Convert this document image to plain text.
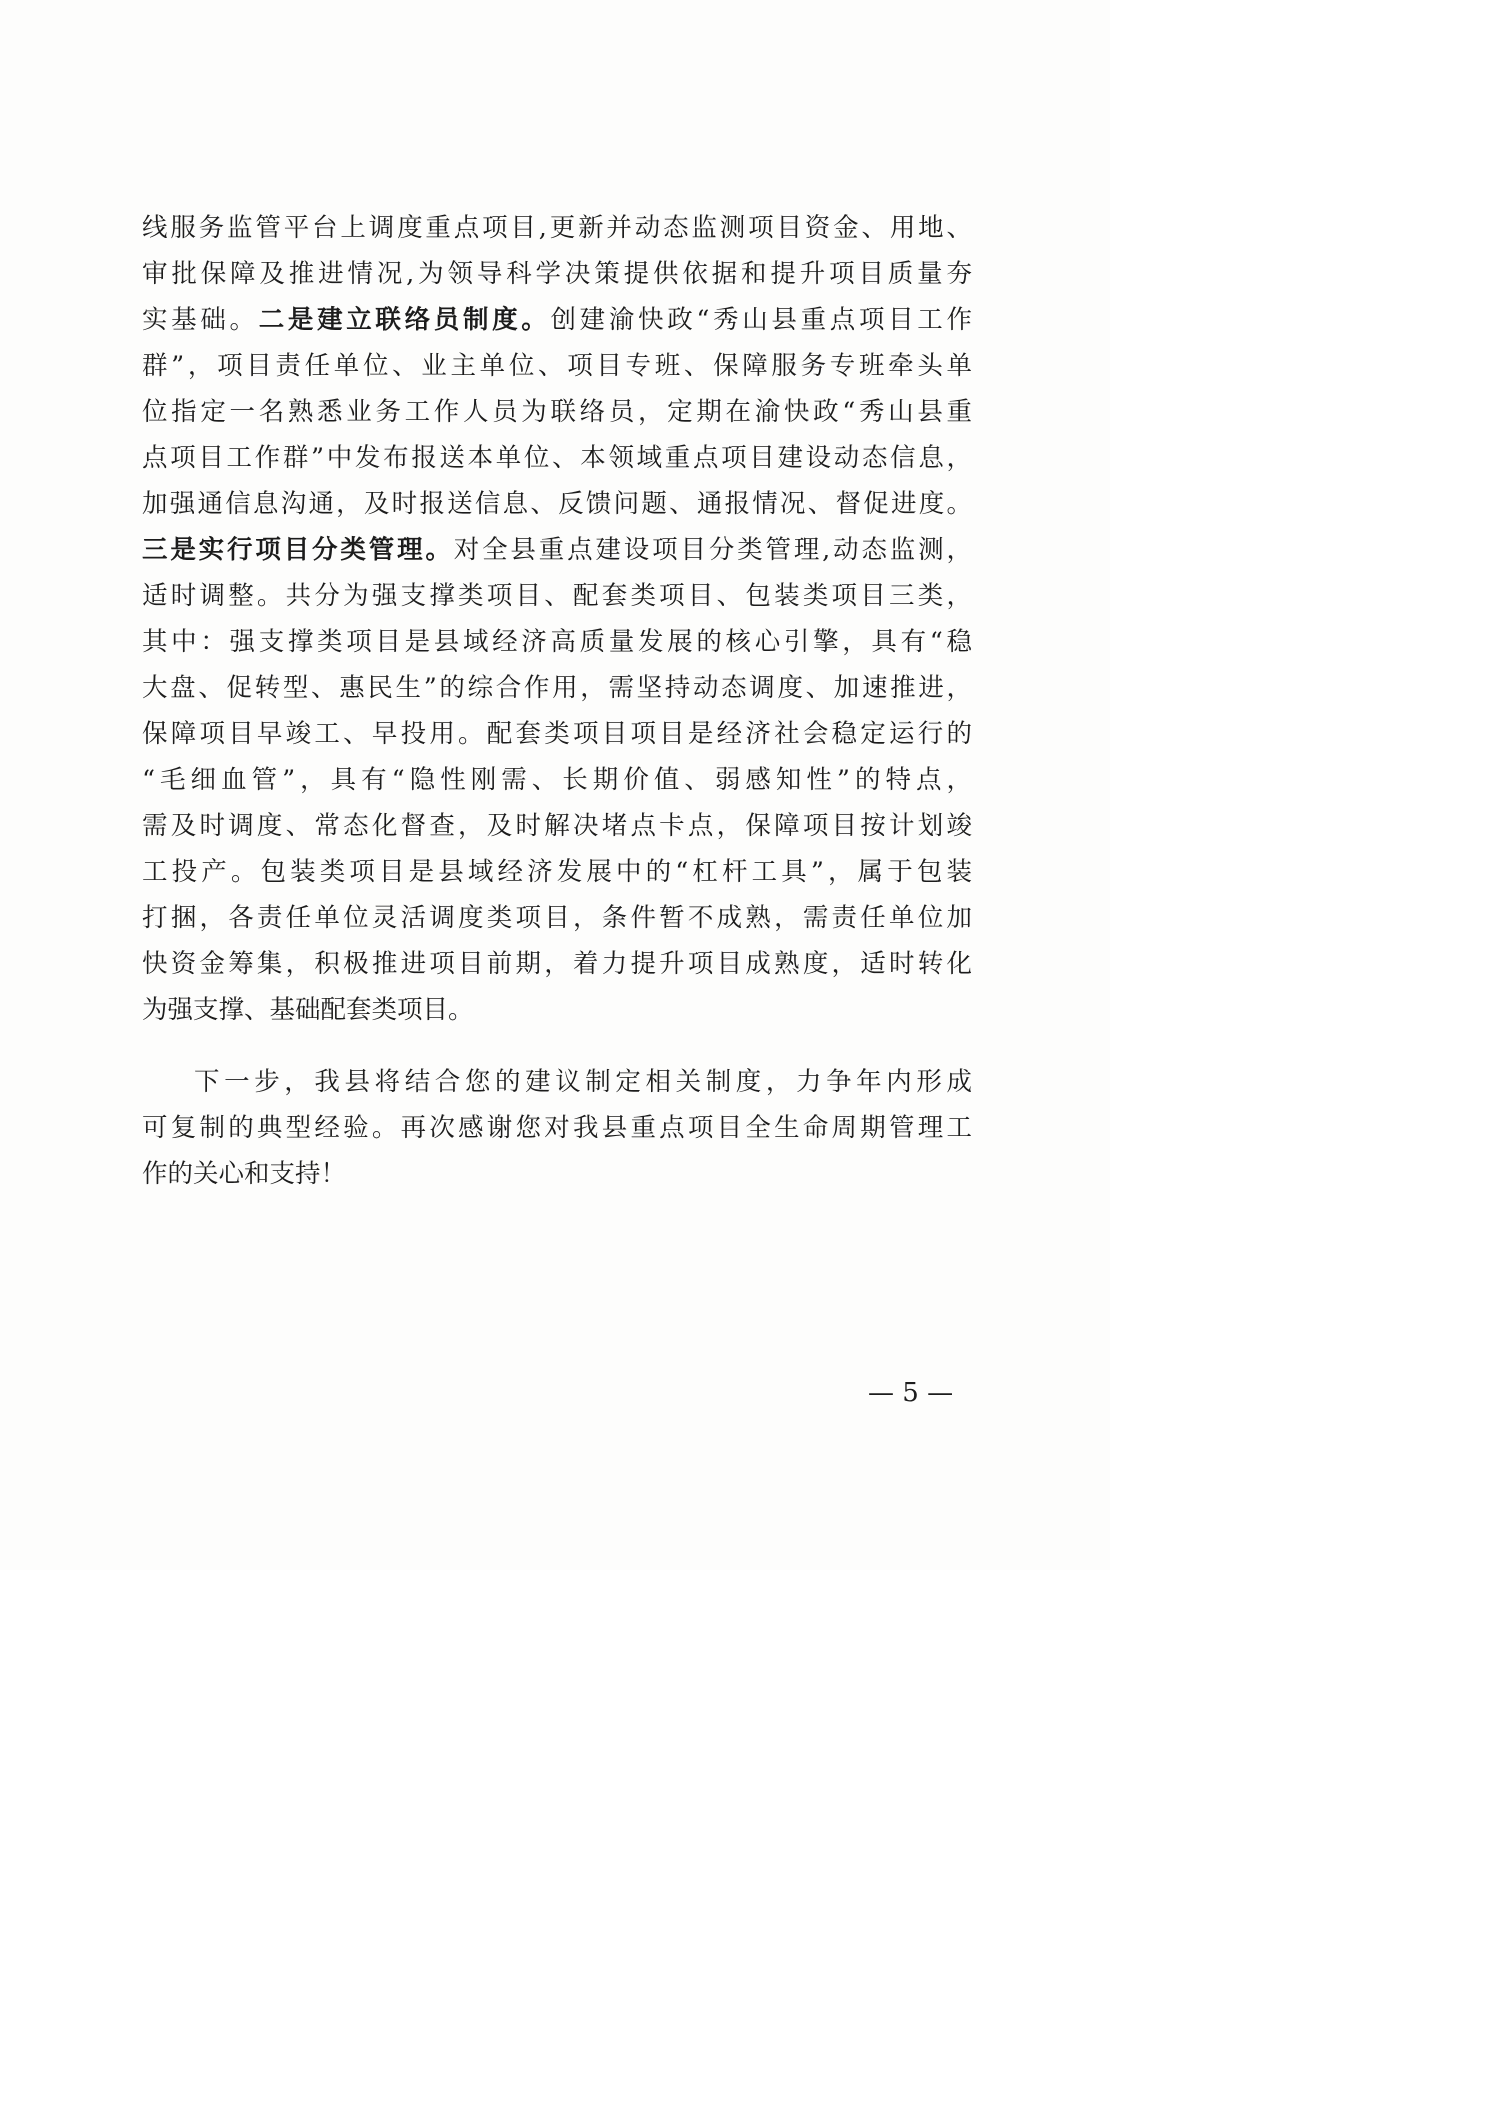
线服务监管平台上调度重点项目,更新并动态监测项目资金、用地、
审批保障及推进情况,为领导科学决策提供依据和提升项目质量夯
实基础。二是建立联络员制度。创建渝快政“秀山县重点项目工作
群”，项目责任单位、业主单位、项目专班、保障服务专班牵头单
位指定一名熟悉业务工作人员为联络员，定期在渝快政“秀山县重
点项目工作群”中发布报送本单位、本领域重点项目建设动态信息，
加强通信息沟通，及时报送信息、反馈问题、通报情况、督促进度。
三是实行项目分类管理。对全县重点建设项目分类管理,动态监测，
适时调整。共分为强支撑类项目、配套类项目、包装类项目三类，
其中：强支撑类项目是县域经济高质量发展的核心引擎，具有“稳
大盘、促转型、惠民生”的综合作用，需坚持动态调度、加速推进，
保障项目早竣工、早投用。配套类项目项目是经济社会稳定运行的
“毛细血管”，具有“隐性刚需、长期价值、弱感知性”的特点，
需及时调度、常态化督查，及时解决堵点卡点，保障项目按计划竣
工投产。包装类项目是县域经济发展中的“杠杆工具”，属于包装
打捆，各责任单位灵活调度类项目，条件暂不成熟，需责任单位加
快资金筹集，积极推进项目前期，着力提升项目成熟度，适时转化
为强支撑、基础配套类项目。
下一步，我县将结合您的建议制定相关制度，力争年内形成
可复制的典型经验。再次感谢您对我县重点项目全生命周期管理工
作的关心和支持！
— 5 —
